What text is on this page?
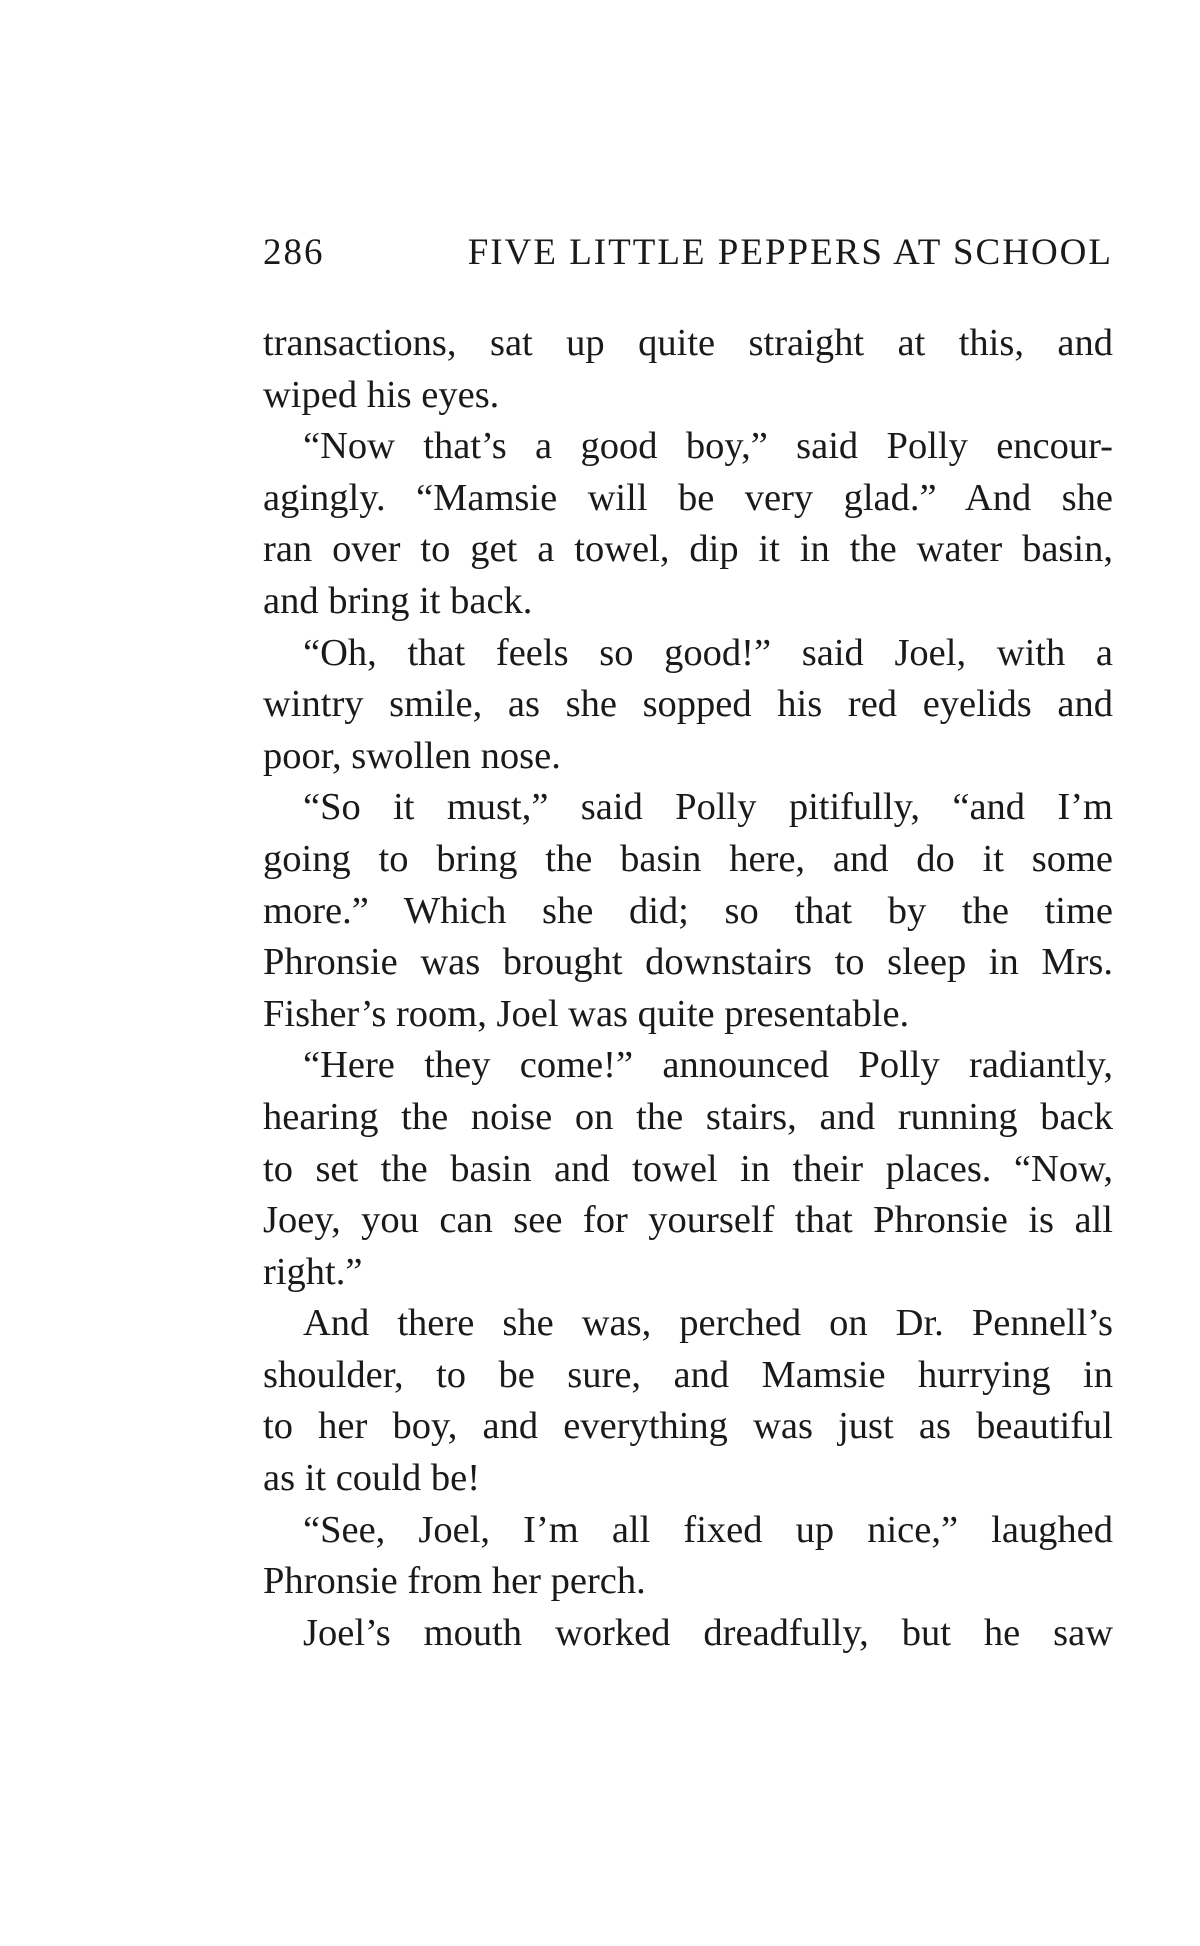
286	FIVE LITTLE PEPPERS AT SCHOOL
transactions, sat up quite straight at this, and
wiped his eyes.
“Now that’s a good boy,” said Polly encour-
agingly. “Mamsie will be very glad.” And she
ran over to get a towel, dip it in the water basin,
and bring it back.
“Oh, that feels so good!” said Joel, with a
wintry smile, as she sopped his red eyelids and
poor, swollen nose.
“So it must,” said Polly pitifully, “and I’m
going to bring the basin here, and do it some
more.” Which she did; so that by the time
Phronsie was brought downstairs to sleep in Mrs.
Fisher’s room, Joel was quite presentable.
“Here they come!” announced Polly radiantly,
hearing the noise on the stairs, and running back
to set the basin and towel in their places. “Now,
Joey, you can see for yourself that Phronsie is all
right.”
And there she was, perched on Dr. Pennell’s
shoulder, to be sure, and Mamsie hurrying in
to her boy, and everything was just as beautiful
as it could be!
“See, Joel, I’m all fixed up nice,” laughed
Phronsie from her perch.
Joel’s mouth worked dreadfully, but he saw
